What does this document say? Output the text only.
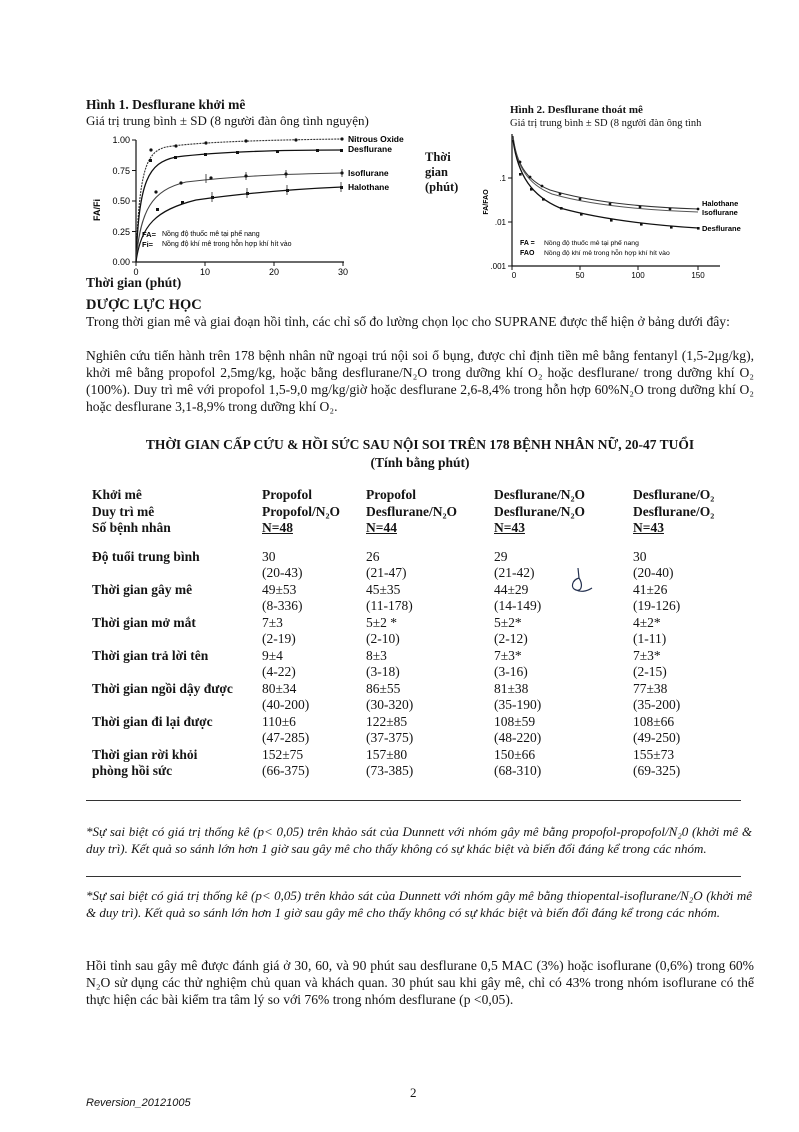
Hình 1. Desflurane khởi mê
Giá trị trung bình ± SD (8 người đàn ông tình nguyện)
1.00
0.75
0.50
0.25
0.00
0	10	20	30
FA/Fi
Nitrous Oxide
Desflurane
Isoflurane
Halothane
FA=
Fi=
Nồng độ thuốc mê tại phế nang
Nồng độ khí mê trong hỗn hợp khí hít vào
Thời
gian
(phút)
Thời gian (phút)
Hình 2. Desflurane thoát mê
Giá trị trung bình ± SD (8 người đàn ông tình
.1
.01
.001
0	50	100	150
FA/FAO	Halothane
Isoflurane
Desflurane
FA =
FAO
Nồng độ thuốc mê tại phế nang
Nồng độ khí mê trong hỗn hợp khí hít vào
DƯỢC LỰC HỌC
Trong thời gian mê và giai đoạn hồi tỉnh, các chỉ số đo lường chọn lọc cho SUPRANE được thể hiện ở bảng dưới đây:
Nghiên cứu tiến hành trên 178 bệnh nhân nữ ngoại trú nội soi ổ bụng, được chỉ định tiền mê bằng fentanyl (1,5-2μg/kg), khởi mê bằng propofol 2,5mg/kg, hoặc bằng desflurane/N₂O trong dưỡng khí O₂ hoặc desflurane/ trong dưỡng khí O₂ (100%). Duy trì mê với propofol 1,5-9,0 mg/kg/giờ hoặc desflurane 2,6-8,4% trong hỗn hợp 60%N₂O trong dưỡng khí O₂ hoặc desflurane 3,1-8,9% trong dưỡng khí O₂.
THỜI GIAN CẤP CỨU & HỒI SỨC SAU NỘI SOI TRÊN 178 BỆNH NHÂN NỮ, 20-47 TUỔI
(Tính bằng phút)
Khởi mê	Propofol	Propofol	Desflurane/N₂O	Desflurane/O₂
Duy trì mê	Propofol/N₂O	Desflurane/N₂O	Desflurane/N₂O	Desflurane/O₂
Số bệnh nhân	N=48	N=44	N=43	N=43

Độ tuổi trung bình	30	26	29	30
	(20-43)	(21-47)	(21-42)	(20-40)
Thời gian gây mê	49±53	45±35	44±29	41±26
	(8-336)	(11-178)	(14-149)	(19-126)
Thời gian mở mắt	7±3	5±2 *	5±2*	4±2*
	(2-19)	(2-10)	(2-12)	(1-11)
Thời gian trả lời tên	9±4	8±3	7±3*	7±3*
	(4-22)	(3-18)	(3-16)	(2-15)
Thời gian ngồi dậy được	80±34	86±55	81±38	77±38
	(40-200)	(30-320)	(35-190)	(35-200)
Thời gian đi lại được	110±6	122±85	108±59	108±66
	(47-285)	(37-375)	(48-220)	(49-250)
Thời gian rời khỏi	152±75	157±80	150±66	155±73
phòng hồi sức	(66-375)	(73-385)	(68-310)	(69-325)
*Sự sai biệt có giá trị thống kê (p< 0,05) trên khảo sát của Dunnett với nhóm gây mê bằng propofol-propofol/N₂0 (khởi mê & duy trì). Kết quả so sánh lớn hơn 1 giờ sau gây mê cho thấy không có sự khác biệt và biến đổi đáng kể trong các nhóm.
*Sự sai biệt có giá trị thống kê (p< 0,05) trên khảo sát của Dunnett với nhóm gây mê bằng thiopental-isoflurane/N₂O (khởi mê & duy trì). Kết quả so sánh lớn hơn 1 giờ sau gây mê cho thấy không có sự khác biệt và biến đổi đáng kể trong các nhóm.
Hồi tỉnh sau gây mê được đánh giá ở 30, 60, và 90 phút sau desflurane 0,5 MAC (3%) hoặc isoflurane (0,6%) trong 60% N₂O sử dụng các thử nghiệm chủ quan và khách quan. 30 phút sau khi gây mê, chỉ có 43% trong nhóm isoflurane có thể thực hiện các bài kiểm tra tâm lý so với 76% trong nhóm desflurane (p <0,05).
2
Reversion_20121005
